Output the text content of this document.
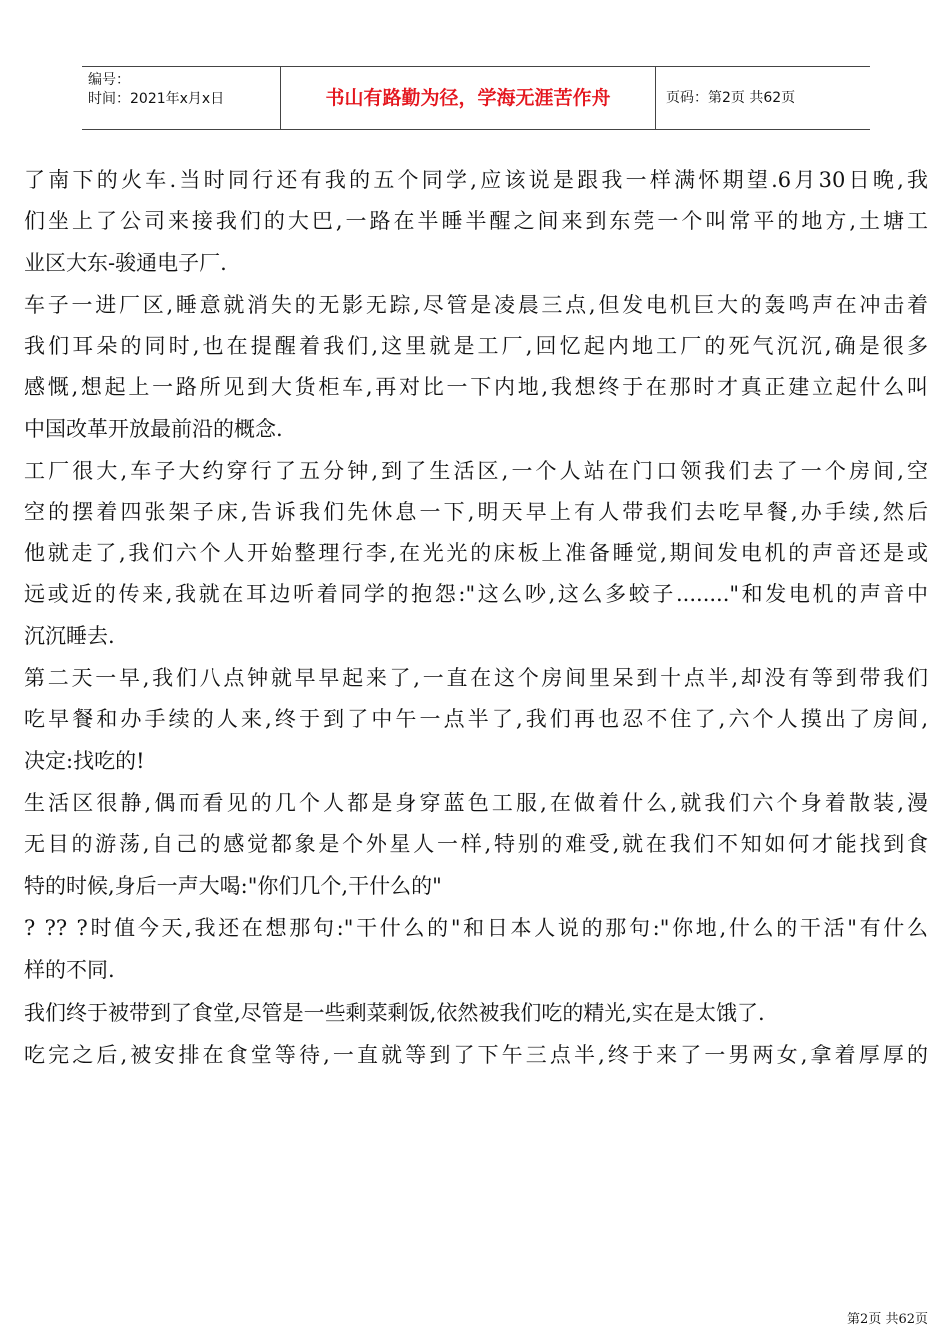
编号：
时间：2021年x月x日	书山有路勤为径，学海无涯苦作舟	页码：第2页 共62页
了南下的火车.当时同行还有我的五个同学,应该说是跟我一样满怀期望.6月30日晚,我
们坐上了公司来接我们的大巴,一路在半睡半醒之间来到东莞一个叫常平的地方,土塘工
业区大东-骏通电子厂.
车子一进厂区,睡意就消失的无影无踪,尽管是凌晨三点,但发电机巨大的轰鸣声在冲击着
我们耳朵的同时,也在提醒着我们,这里就是工厂,回忆起内地工厂的死气沉沉,确是很多
感慨,想起上一路所见到大货柜车,再对比一下内地,我想终于在那时才真正建立起什么叫
中国改革开放最前沿的概念.
工厂很大,车子大约穿行了五分钟,到了生活区,一个人站在门口领我们去了一个房间,空
空的摆着四张架子床,告诉我们先休息一下,明天早上有人带我们去吃早餐,办手续,然后
他就走了,我们六个人开始整理行李,在光光的床板上准备睡觉,期间发电机的声音还是或
远或近的传来,我就在耳边听着同学的抱怨:"这么吵,这么多蛟子........"和发电机的声音中
沉沉睡去.
第二天一早,我们八点钟就早早起来了,一直在这个房间里呆到十点半,却没有等到带我们
吃早餐和办手续的人来,终于到了中午一点半了,我们再也忍不住了,六个人摸出了房间,
决定:找吃的!
生活区很静,偶而看见的几个人都是身穿蓝色工服,在做着什么,就我们六个身着散装,漫
无目的游荡,自己的感觉都象是个外星人一样,特别的难受,就在我们不知如何才能找到食
特的时候,身后一声大喝:"你们几个,干什么的"
? ?? ?时值今天,我还在想那句:"干什么的"和日本人说的那句:"你地,什么的干活"有什么
样的不同.
我们终于被带到了食堂,尽管是一些剩菜剩饭,依然被我们吃的精光,实在是太饿了.
吃完之后,被安排在食堂等待,一直就等到了下午三点半,终于来了一男两女,拿着厚厚的
第2页 共62页
